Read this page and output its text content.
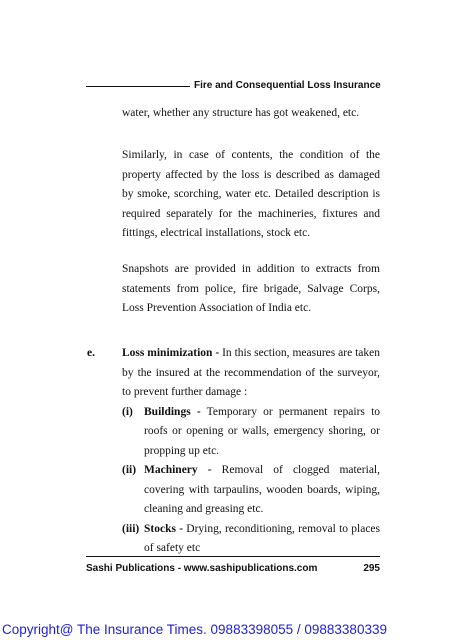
Fire and Consequential Loss Insurance

water, whether any structure has got weakened, etc.

Similarly, in case of contents, the condition of the property affected by the loss is described as damaged by smoke, scorching, water etc. Detailed description is required separately for the machineries, fixtures and fittings, electrical installations, stock etc.

Snapshots are provided in addition to extracts from statements from police, fire brigade, Salvage Corps, Loss Prevention Association of India etc.

e. Loss minimization - In this section, measures are taken by the insured at the recommendation of the surveyor, to prevent further damage :

(i) Buildings - Temporary or permanent repairs to roofs or opening or walls, emergency shoring, or propping up etc.
(ii) Machinery - Removal of clogged material, covering with tarpaulins, wooden boards, wiping, cleaning and greasing etc.
(iii) Stocks - Drying, reconditioning, removal to places of safety etc
Sashi Publications - www.sashipublications.com	295
Copyright@ The Insurance Times. 09883398055 / 09883380339
